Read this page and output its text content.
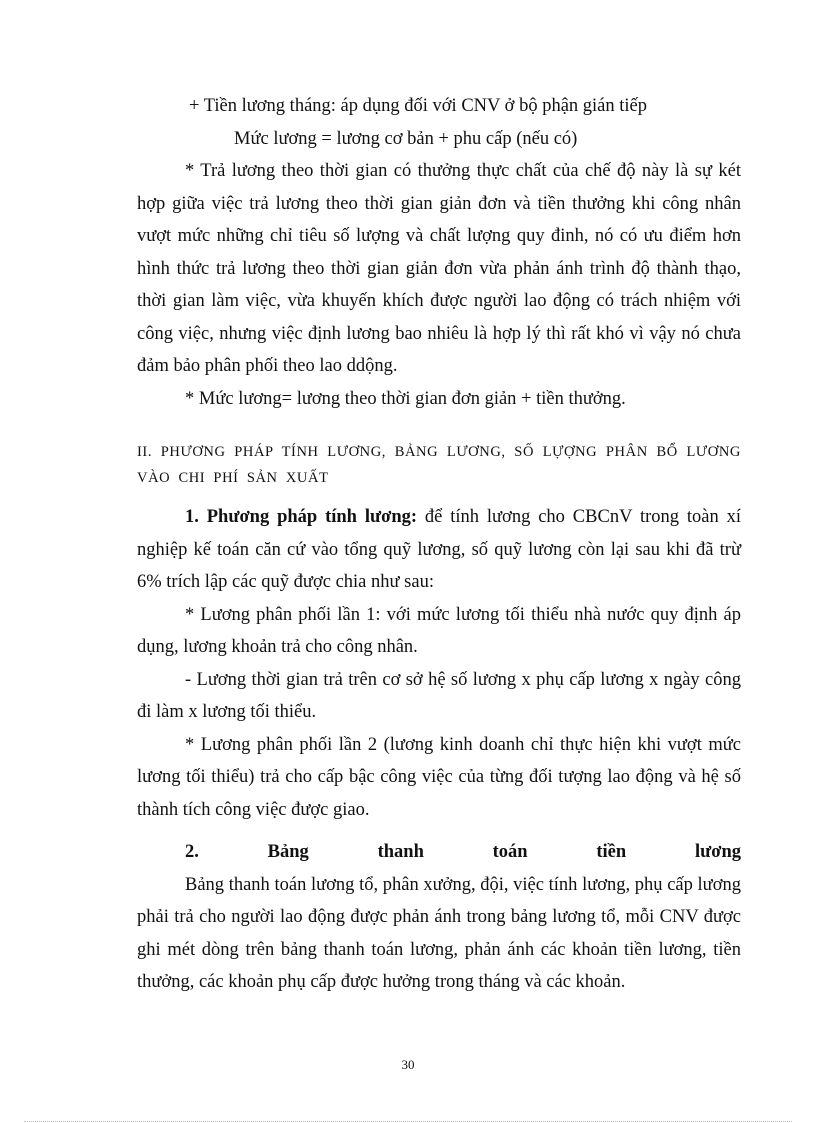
+ Tiền lương tháng: áp dụng đối với CNV ở bộ phận gián tiếp

Mức lương = lương cơ bản + phu cấp (nếu có)

* Trả lương theo thời gian có thưởng thực chất của chế độ này là sự két hợp giữa việc trả lương theo thời gian giản đơn và tiền thưởng khi công nhân vượt mức những chỉ tiêu số lượng và chất lượng quy đinh, nó có ưu điểm hơn hình thức trả lương theo thời gian giản đơn vừa phản ánh trình độ thành thạo, thời gian làm việc, vừa khuyến khích được người lao động có trách nhiệm với công việc, nhưng việc định lương bao nhiêu là hợp lý thì rất khó vì vậy nó chưa đảm bảo phân phối theo lao ddộng.

* Mức lương= lương theo thời gian đơn giản + tiền thưởng.

II. PHƯƠNG PHÁP TÍNH LƯƠNG, BẢNG LƯƠNG, SỐ LỰỢNG PHÂN BỔ LƯƠNG VÀO CHI PHÍ SẢN XUẤT

1. Phương pháp tính lương: để tính lương cho CBCnV trong toàn xí nghiệp kế toán căn cứ vào tổng quỹ lương, số quỹ lương còn lại sau khi đã trừ 6% trích lập các quỹ được chia như sau:

* Lương phân phối lần 1: với mức lương tối thiểu nhà nước quy định áp dụng, lương khoản trả cho công nhân.

- Lương thời gian trả trên cơ sở hệ số lương x phụ cấp lương x ngày công đi làm x lương tối thiểu.

* Lương phân phối lần 2 (lương kinh doanh chỉ thực hiện khi vượt mức lương tối thiểu) trả cho cấp bậc công việc của từng đối tượng lao động và hệ số thành tích công việc được giao.

2.	Bảng	thanh	toán	tiền	lương

Bảng thanh toán lương tổ, phân xưởng, đội, việc tính lương, phụ cấp lương phải trả cho người lao động được phản ánh trong bảng lương tổ, mỗi CNV được ghi mét dòng trên bảng thanh toán lương, phản ánh các khoản tiền lương, tiền thưởng, các khoản phụ cấp được hưởng trong tháng và các khoản.

30
